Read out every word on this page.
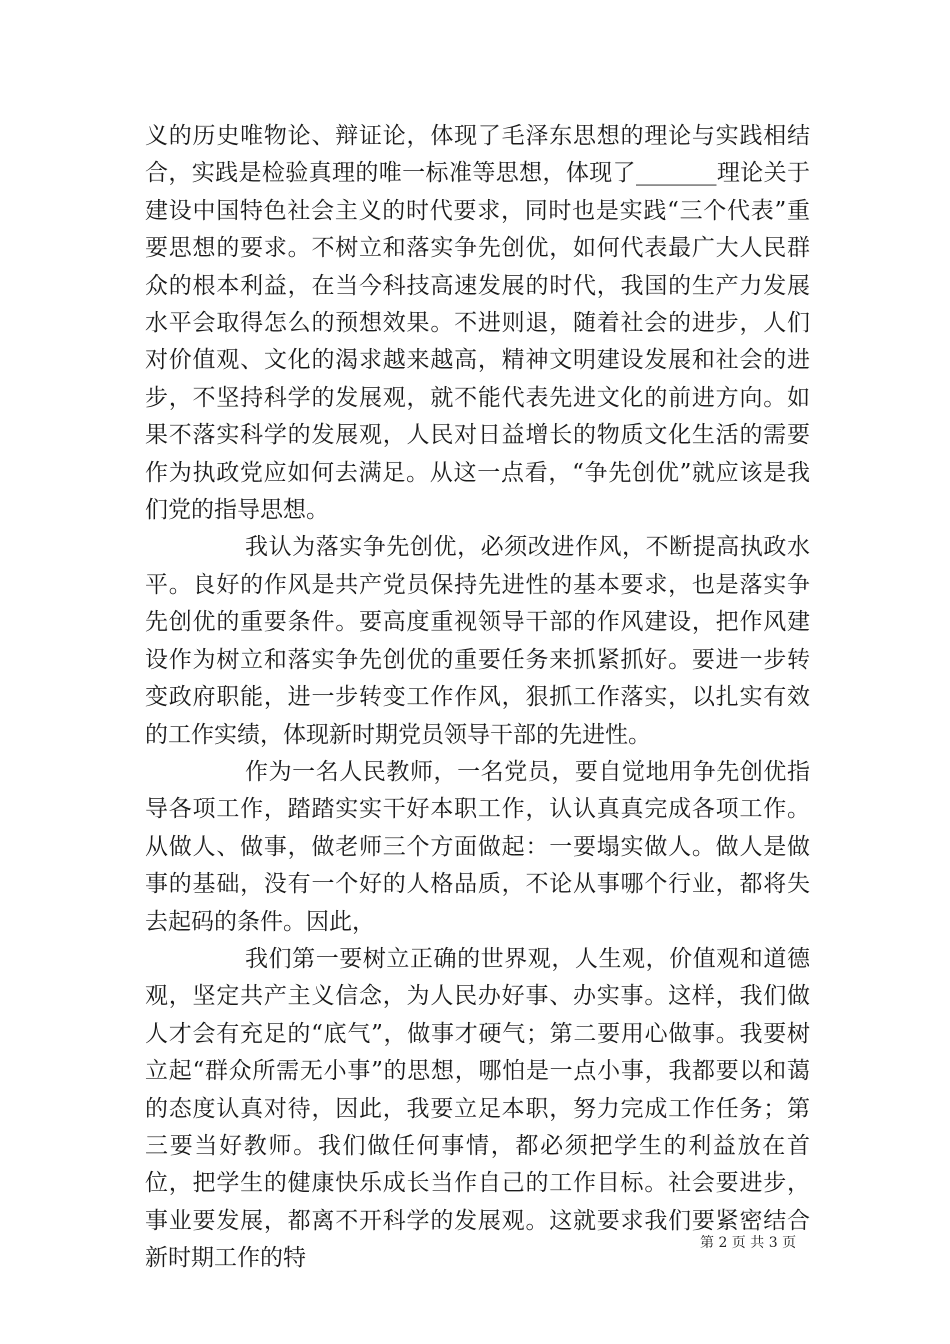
义的历史唯物论、辩证论，体现了毛泽东思想的理论与实践相结合，实践是检验真理的唯一标准等思想，体现了_______理论关于建设中国特色社会主义的时代要求，同时也是实践“三个代表”重要思想的要求。不树立和落实争先创优，如何代表最广大人民群众的根本利益，在当今科技高速发展的时代，我国的生产力发展水平会取得怎么的预想效果。不进则退，随着社会的进步，人们对价值观、文化的渴求越来越高，精神文明建设发展和社会的进步，不坚持科学的发展观，就不能代表先进文化的前进方向。如果不落实科学的发展观，人民对日益增长的物质文化生活的需要作为执政党应如何去满足。从这一点看，“争先创优”就应该是我们党的指导思想。

我认为落实争先创优，必须改进作风，不断提高执政水平。良好的作风是共产党员保持先进性的基本要求，也是落实争先创优的重要条件。要高度重视领导干部的作风建设，把作风建设作为树立和落实争先创优的重要任务来抓紧抓好。要进一步转变政府职能，进一步转变工作作风，狠抓工作落实，以扎实有效的工作实绩，体现新时期党员领导干部的先进性。

作为一名人民教师，一名党员，要自觉地用争先创优指导各项工作，踏踏实实干好本职工作，认认真真完成各项工作。从做人、做事，做老师三个方面做起：一要塌实做人。做人是做事的基础，没有一个好的人格品质，不论从事哪个行业，都将失去起码的条件。因此，

我们第一要树立正确的世界观，人生观，价值观和道德观，坚定共产主义信念，为人民办好事、办实事。这样，我们做人才会有充足的“底气”，做事才硬气；第二要用心做事。我要树立起“群众所需无小事”的思想，哪怕是一点小事，我都要以和蔼的态度认真对待，因此，我要立足本职，努力完成工作任务；第三要当好教师。我们做任何事情，都必须把学生的利益放在首位，把学生的健康快乐成长当作自己的工作目标。社会要进步，事业要发展，都离不开科学的发展观。这就要求我们要紧密结合新时期工作的特

第 2 页 共 3 页
